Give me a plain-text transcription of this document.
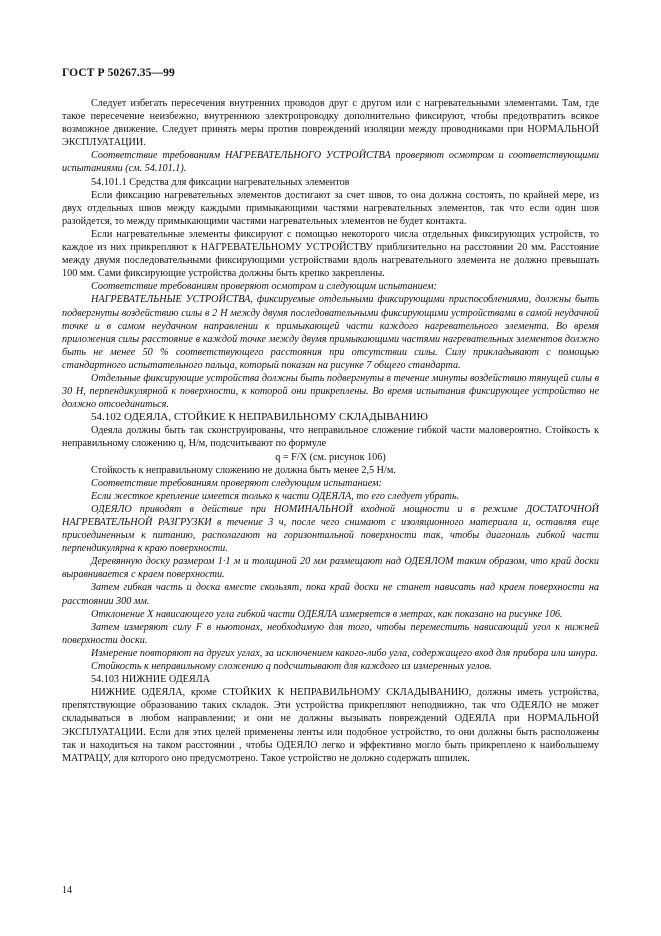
ГОСТ Р 50267.35—99

Следует избегать пересечения внутренних проводов друг с другом или с нагревательными элементами. Там, где такое пересечение неизбежно, внутреннюю электропроводку дополнительно фиксируют, чтобы предотвратить всякое возможное движение. Следует принять меры против повреждений изоляции между проводниками при НОРМАЛЬНОЙ ЭКСПЛУАТАЦИИ.

Соответствие требованиям НАГРЕВАТЕЛЬНОГО УСТРОЙСТВА проверяют осмотром и соответствующими испытаниями (см. 54.101.1).

54.101.1 Средства для фиксации нагревательных элементов

Если фиксацию нагревательных элементов достигают за счет швов, то она должна состоять, по крайней мере, из двух отдельных швов между каждыми примыкающими частями нагревательных элементов, так что если один шов разойдется, то между примыкающими частями нагревательных элементов не будет контакта.

Если нагревательные элементы фиксируют с помощью некоторого числа отдельных фиксирующих устройств, то каждое из них прикрепляют к НАГРЕВАТЕЛЬНОМУ УСТРОЙСТВУ приблизительно на расстоянии 20 мм. Расстояние между двумя последовательными фиксирующими устройствами вдоль нагревательного элемента не должно превышать 100 мм. Сами фиксирующие устройства должны быть крепко закреплены.

Соответствие требованиям проверяют осмотром и следующим испытанием:

НАГРЕВАТЕЛЬНЫЕ УСТРОЙСТВА, фиксируемые отдельными фиксирующими приспособлениями, должны быть подвергнуты воздействию силы в 2 Н между двумя последовательными фиксирующими устройствами в самой неудачной точке и в самом неудачном направлении к примыкающей части каждого нагревательного элемента. Во время приложения силы расстояние в каждой точке между двумя примыкающими частями нагревательных элементов должно быть не менее 50 % соответствующего расстояния при отсутствии силы. Силу прикладывают с помощью стандартного испытательного пальца, который показан на рисунке 7 общего стандарта.

Отдельные фиксирующие устройства должны быть подвергнуты в течение минуты воздействию тянущей силы в 30 Н, перпендикулярной к поверхности, к которой они прикреплены. Во время испытания фиксирующее устройство не должно отсоединиться.

54.102 ОДЕЯЛА, СТОЙКИЕ К НЕПРАВИЛЬНОМУ СКЛАДЫВАНИЮ

Одеяла должны быть так сконструированы, что неправильное сложение гибкой части маловероятно. Стойкость к неправильному сложению q, Н/м, подсчитывают по формуле

q = F/X (см. рисунок 106)

Стойкость к неправильному сложению не должна быть менее 2,5 Н/м.

Соответствие требованиям проверяют следующим испытанием:

Если жесткое крепление имеется только к части ОДЕЯЛА, то его следует убрать.

ОДЕЯЛО приводят в действие при НОМИНАЛЬНОЙ входной мощности и в режиме ДОСТАТОЧНОЙ НАГРЕВАТЕЛЬНОЙ РАЗГРУЗКИ в течение 3 ч, после чего снимают с изоляционного материала и, оставляя еще присоединенным к питанию, располагают на горизонтальной поверхности так, чтобы диагональ гибкой части перпендикулярна к краю поверхности.

Деревянную доску размером 1·1 м и толщиной 20 мм размещают над ОДЕЯЛОМ таким образом, что край доски выравнивается с краем поверхности.

Затем гибкая часть и доска вместе скользят, пока край доски не станет нависать над краем поверхности на расстоянии 300 мм.

Отклонение X нависающего угла гибкой части ОДЕЯЛА измеряется в метрах, как показано на рисунке 106.

Затем измеряют силу F в ньютонах, необходимую для того, чтобы переместить нависающий угол к нижней поверхности доски.

Измерение повторяют на других углах, за исключением какого-либо угла, содержащего вход для прибора или шнура.

Стойкость к неправильному сложению q подсчитывают для каждого из измеренных углов.

54.103 НИЖНИЕ ОДЕЯЛА

НИЖНИЕ ОДЕЯЛА, кроме СТОЙКИХ К НЕПРАВИЛЬНОМУ СКЛАДЫВАНИЮ, должны иметь устройства, препятствующие образованию таких складок. Эти устройства прикрепляют неподвижно, так что ОДЕЯЛО не может складываться в любом направлении; и они не должны вызывать повреждений ОДЕЯЛА при НОРМАЛЬНОЙ ЭКСПЛУАТАЦИИ. Если для этих целей применены ленты или подобное устройство, то они должны быть расположены так и находиться на таком расстоянии , чтобы ОДЕЯЛО легко и эффективно могло быть прикреплено к наибольшему МАТРАЦУ, для которого оно предусмотрено. Такое устройство не должно содержать шпилек.

14
